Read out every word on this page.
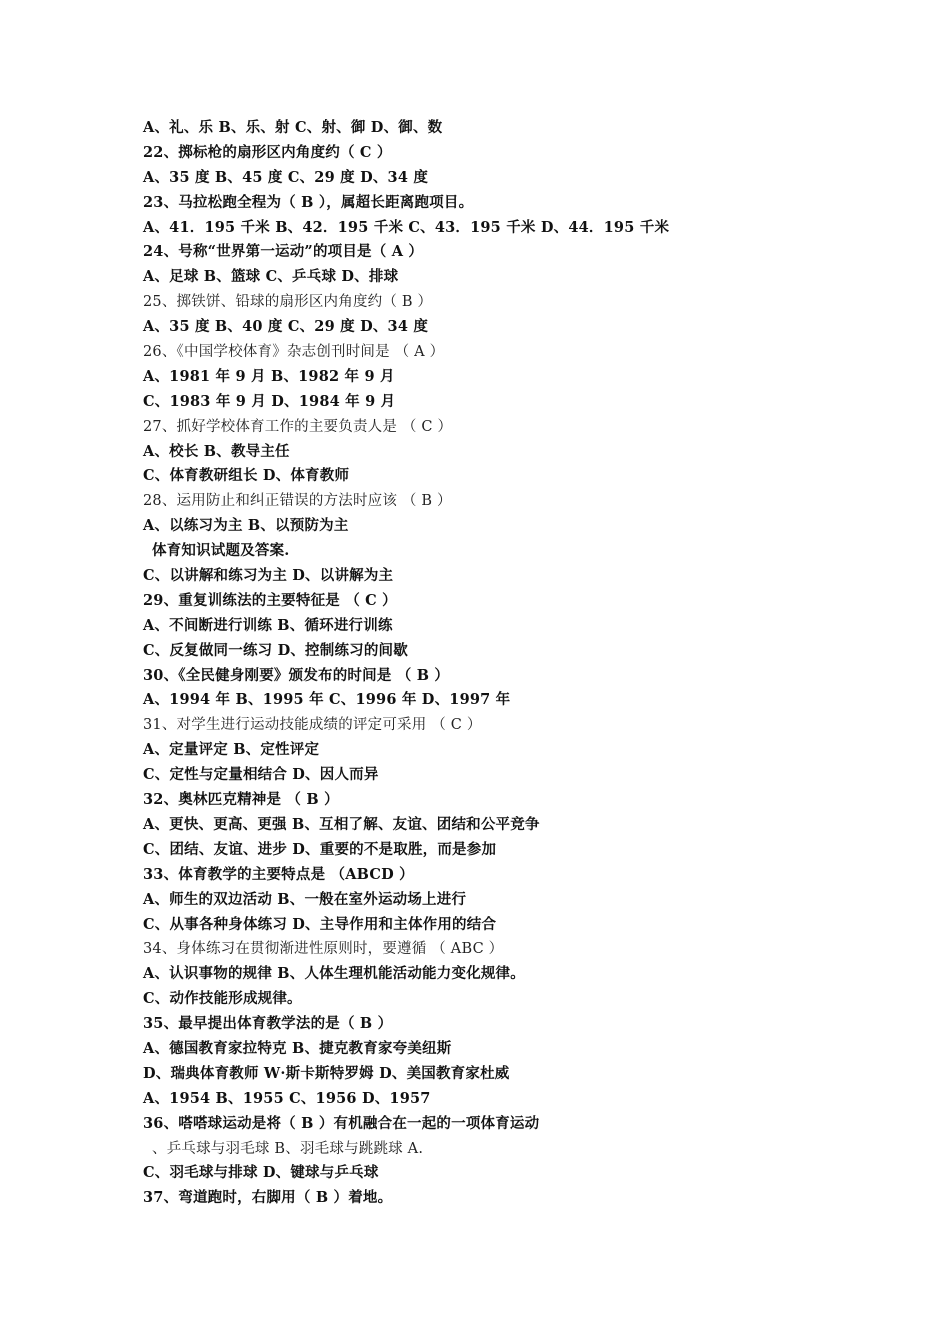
A、礼、乐 B、乐、射 C、射、御 D、御、数
22、掷标枪的扇形区内角度约（ C ）
A、35 度 B、45 度 C、29 度 D、34 度
23、马拉松跑全程为（ B ），属超长距离跑项目。
A、41．195 千米 B、42．195 千米 C、43．195 千米 D、44．195 千米
24、号称“世界第一运动”的项目是（ A ）
A、足球 B、篮球 C、乒乓球 D、排球
25、掷铁饼、铅球的扇形区内角度约（ B ）
A、35 度 B、40 度 C、29 度 D、34 度
26、《中国学校体育》杂志创刊时间是 （ A ）
A、1981 年 9 月 B、1982 年 9 月
C、1983 年 9 月 D、1984 年 9 月
27、抓好学校体育工作的主要负责人是 （ C ）
A、校长 B、教导主任
C、体育教研组长 D、体育教师
28、运用防止和纠正错误的方法时应该 （ B ）
A、以练习为主 B、以预防为主
体育知识试题及答案.
C、以讲解和练习为主 D、以讲解为主
29、重复训练法的主要特征是 （ C ）
A、不间断进行训练 B、循环进行训练
C、反复做同一练习 D、控制练习的间歇
30、《全民健身刚要》颁发布的时间是 （ B ）
A、1994 年 B、1995 年 C、1996 年 D、1997 年
31、对学生进行运动技能成绩的评定可采用 （ C ）
A、定量评定 B、定性评定
C、定性与定量相结合 D、因人而异
32、奥林匹克精神是 （ B ）
A、更快、更高、更强 B、互相了解、友谊、团结和公平竞争
C、团结、友谊、进步 D、重要的不是取胜，而是参加
33、体育教学的主要特点是 （ABCD ）
A、师生的双边活动 B、一般在室外运动场上进行
C、从事各种身体练习 D、主导作用和主体作用的结合
34、身体练习在贯彻渐进性原则时，要遵循 （ ABC ）
A、认识事物的规律 B、人体生理机能活动能力变化规律。
C、动作技能形成规律。
35、最早提出体育教学法的是（ B ）
A、德国教育家拉特克 B、捷克教育家夸美纽斯
D、瑞典体育教师 W·斯卡斯特罗姆 D、美国教育家杜威
A、1954 B、1955 C、1956 D、1957
36、嗒嗒球运动是将（ B ）有机融合在一起的一项体育运动
、乒乓球与羽毛球 B、羽毛球与跳跳球 A.
C、羽毛球与排球 D、键球与乒乓球
37、弯道跑时，右脚用（ B ）着地。
